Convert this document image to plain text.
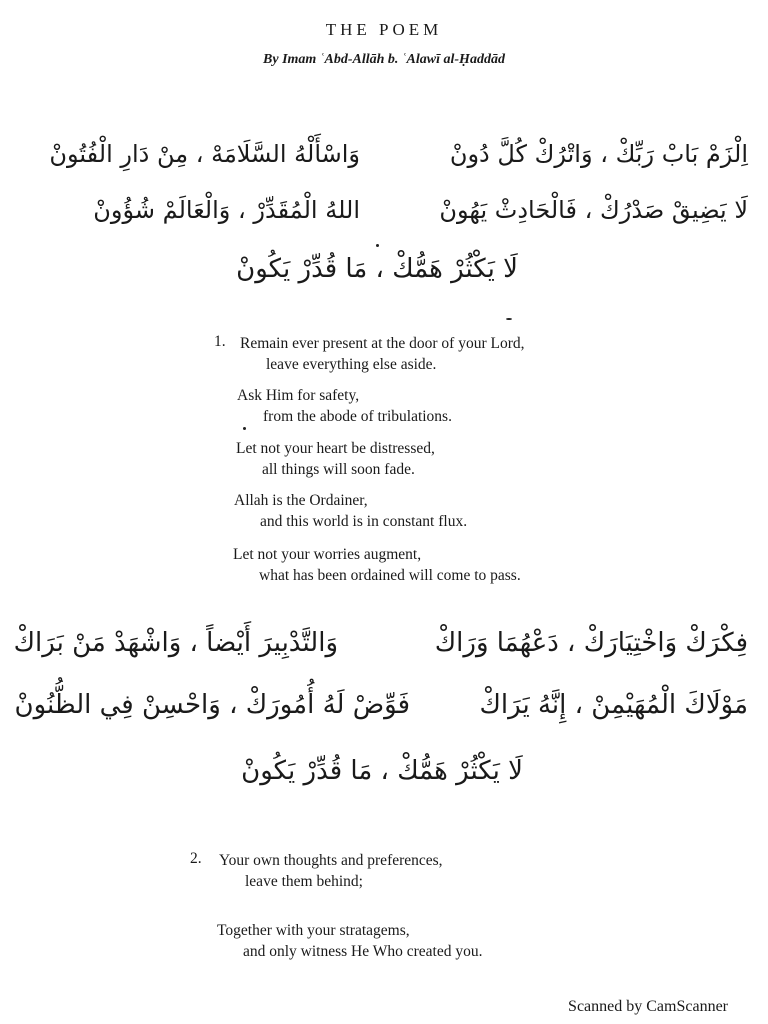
THE POEM

By Imam ʿAbd-Allāh b. ʿAlawī al-Ḥaddād

اِلْزَمْ بَابْ رَبِّكْ ، وَاتْرُكْ كُلَّ دُونْ

وَاسْأَلْهُ السَّلَامَهْ ، مِنْ دَارِ الْفُتُونْ

لَا يَضِيقْ صَدْرُكْ ، فَالْحَادِثْ يَهُونْ

اللهُ الْمُقَدِّرْ ، وَالْعَالَمْ شُؤُونْ

لَا يَكْثُرْ هَمُّكْ ، مَا قُدِّرْ يَكُونْ

1. Remain ever present at the door of your Lord,
leave everything else aside.

Ask Him for safety,
from the abode of tribulations.

Let not your heart be distressed,
all things will soon fade.

Allah is the Ordainer,
and this world is in constant flux.

Let not your worries augment,
what has been ordained will come to pass.

فِكْرَكْ وَاخْتِيَارَكْ ، دَعْهُمَا وَرَاكْ

وَالتَّدْبِيرَ أَيْضاً ، وَاشْهَدْ مَنْ بَرَاكْ

مَوْلَاكَ الْمُهَيْمِنْ ، إِنَّهُ يَرَاكْ

فَوِّضْ لَهُ أُمُورَكْ ، وَاحْسِنْ فِي الظُّنُونْ

لَا يَكْثُرْ هَمُّكْ ، مَا قُدِّرْ يَكُونْ

2. Your own thoughts and preferences,
leave them behind;

Together with your stratagems,
and only witness He Who created you.

Scanned by CamScanner
